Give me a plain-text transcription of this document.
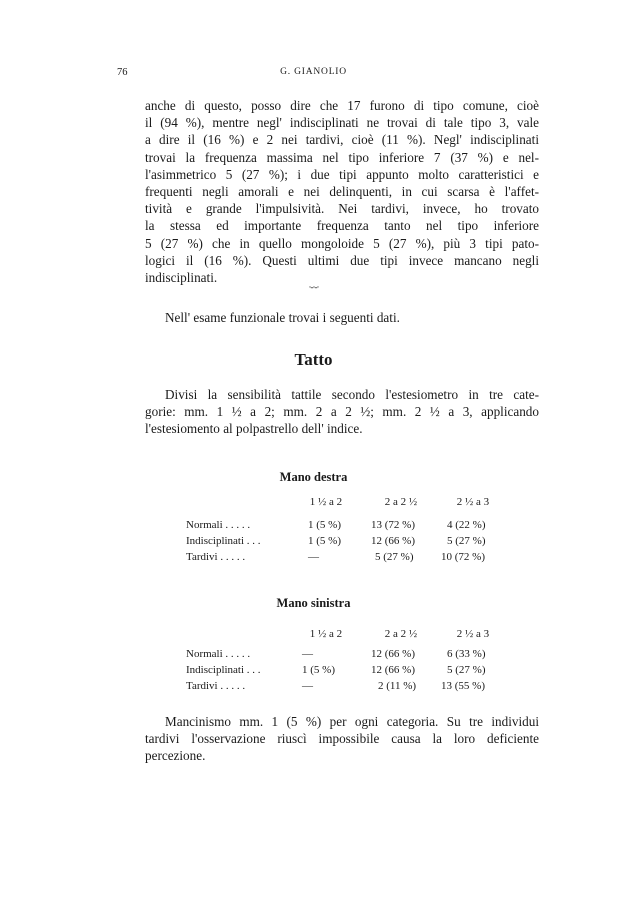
76	G. GIANOLIO
anche di questo, posso dire che 17 furono di tipo comune, cioè
il (94 %), mentre negl' indisciplinati ne trovai di tale tipo 3, vale
a dire il (16 %) e 2 nei tardivi, cioè (11 %). Negl' indisciplinati
trovai la frequenza massima nel tipo inferiore 7 (37 %) e nel-
l'asimmetrico 5 (27 %); i due tipi appunto molto caratteristici e
frequenti negli amorali e nei delinquenti, in cui scarsa è l'affet-
tività e grande l'impulsività. Nei tardivi, invece, ho trovato
la stessa ed importante frequenza tanto nel tipo inferiore
5 (27 %) che in quello mongoloide 5 (27 %), più 3 tipi pato-
logici il (16 %). Questi ultimi due tipi invece mancano negli
indisciplinati.
·-·-·
Nell' esame funzionale trovai i seguenti dati.
Tatto
Divisi la sensibilità tattile secondo l'estesiometro in tre cate-
gorie: mm. 1 ½ a 2; mm. 2 a 2 ½; mm. 2 ½ a 3, applicando
l'estesiomento al polpastrello dell' indice.
Mano destra
1 ½ a 2	2 a 2 ½	2 ½ a 3
Normali . . . . .	1 (5 %)	13 (72 %)	4 (22 %)
Indisciplinati . . .	1 (5 %)	12 (66 %)	5 (27 %)
Tardivi . . . . .	—	5 (27 %)	10 (72 %)
Mano sinistra
1 ½ a 2	2 a 2 ½	2 ½ a 3
Normali . . . . .	—	12 (66 %)	6 (33 %)
Indisciplinati . . .	1 (5 %)	12 (66 %)	5 (27 %)
Tardivi . . . . .	—	2 (11 %) 13 (55 %)
Mancinismo mm. 1 (5 %) per ogni categoria. Su tre individui
tardivi l'osservazione riuscì impossibile causa la loro deficiente
percezione.
